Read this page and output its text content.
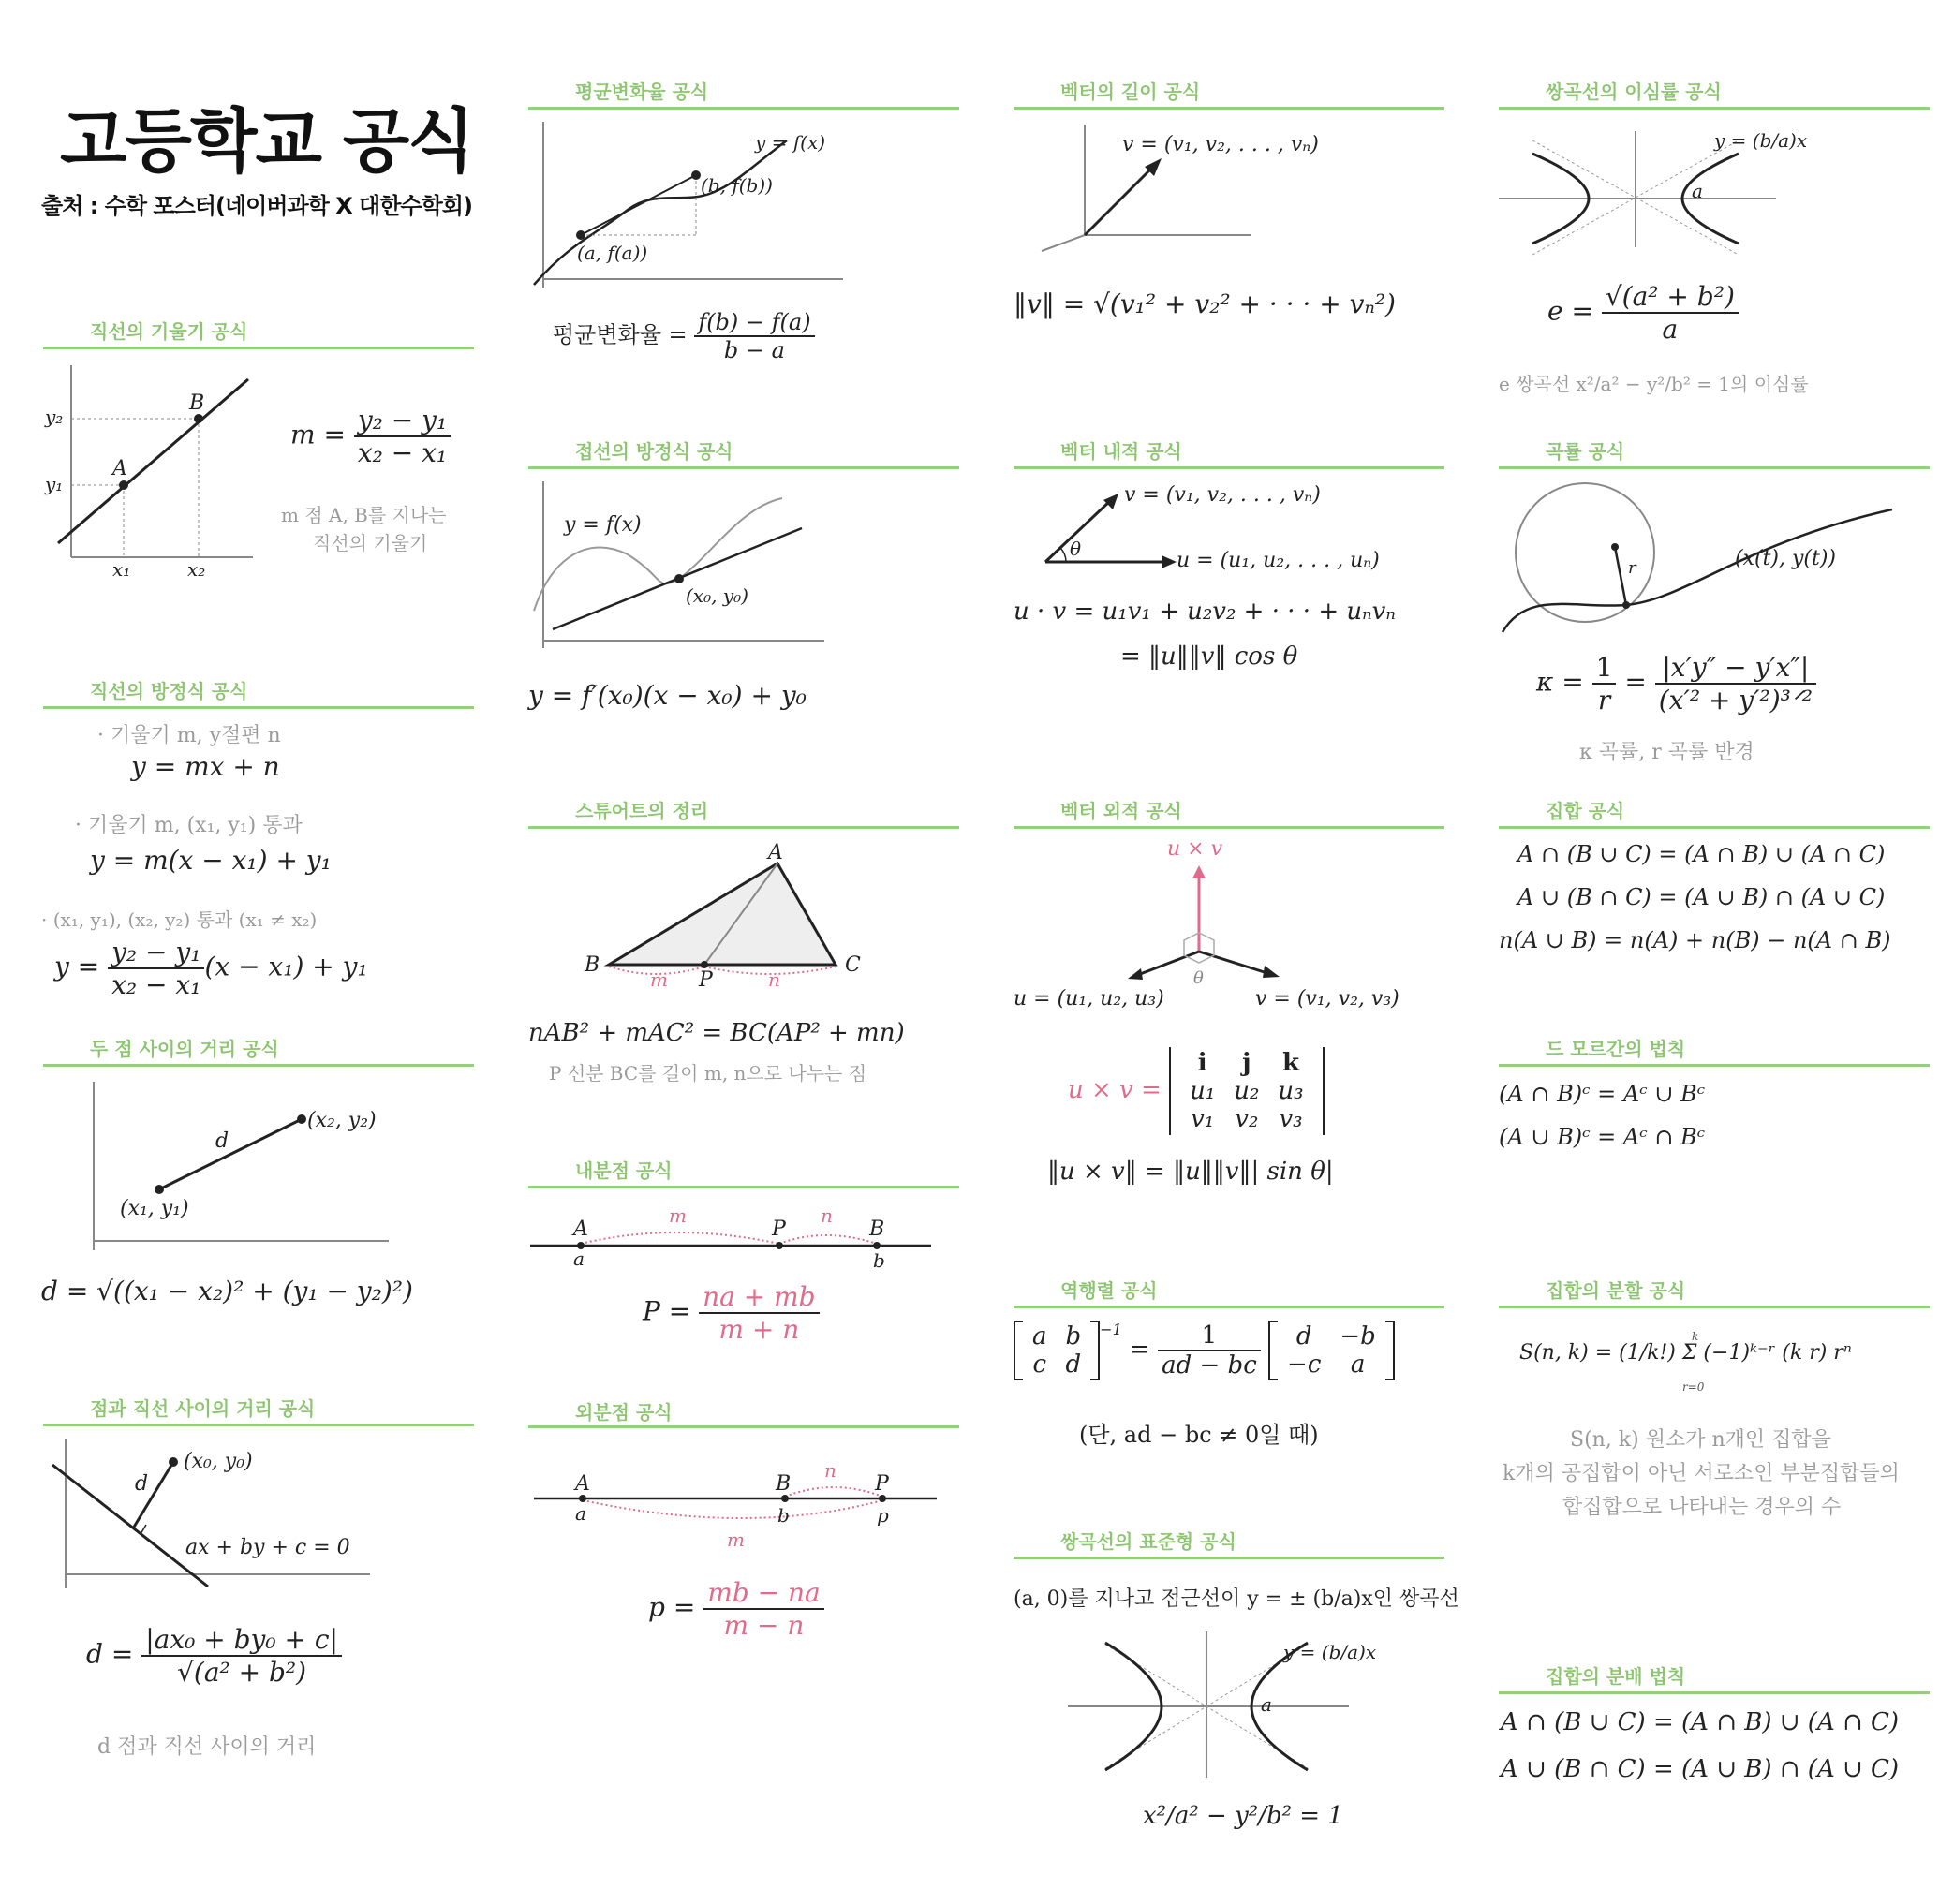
고등학교 공식
출처 : 수학 포스터(네이버과학 X 대한수학회)
직선의 기울기 공식
y₂
y₁
A
B
x₁	x₂
$m = \frac{\text{y₂ − y₁}}{\text{x₂ − x₁}}$
m 점 A, B를 지나는
직선의 기울기
직선의 방정식 공식
· 기울기 m, y절편 n
y = mx + n
· 기울기 m, (x₁, y₁) 통과
y = m(x − x₁) + y₁
· (x₁, y₁), (x₂, y₂) 통과 (x₁ ≠ x₂)
$y = \frac{\text{y₂ − y₁}}{\text{x₂ − x₁}} (x - x_1) + y_1$
두 점 사이의 거리 공식
d
(x₁, y₁)
(x₂, y₂)
d = √((x₁ − x₂)² + (y₁ − y₂)²)
점과 직선 사이의 거리 공식
(x₀, y₀)
d
ax + by + c = 0
$d = \frac{\text{|ax₀ + by₀ + c|}}{\text{√(a² + b²)}}$
d 점과 직선 사이의 거리
평균변화율 공식
y = f(x)
(a, f(a))
(b, f(b))
평균변화율 = $\frac{f(b) - f(a)}{b - a}$
접선의 방정식 공식
y = f(x)
(x₀, y₀)
y = f′(x₀)(x − x₀) + y₀
스튜어트의 정리
A
B	C
P
m	n
nAB² + mAC² = BC(AP² + mn)
P 선분 BC를 길이 m, n으로 나누는 점
내분점 공식
A
a
P	B
b
m	n
$P = \frac{na + mb}{m + n}$
외분점 공식
A
a
B
b
P
p
n
m
$p = \frac{mb - na}{m - n}$
벡터의 길이 공식
v = (v₁, v₂, . . . , vₙ)
‖v‖ = √(v₁² + v₂² + · · · + vₙ²)
벡터 내적 공식
θ
v = (v₁, v₂, . . . , vₙ)
u = (u₁, u₂, . . . , uₙ)
u · v = u₁v₁ + u₂v₂ + · · · + uₙvₙ
= ‖u‖‖v‖ cos θ
벡터 외적 공식
u × v
θ
u = (u₁, u₂, u₃)	v = (v₁, v₂, v₃)
u × v =
i	j	k
u₁	u₂	u₃
v₁	v₂	v₃
‖u × v‖ = ‖u‖‖v‖| sin θ|
역행렬 공식
a	b
c	d
$^{-1} = \frac{1}{ad - bc}$
d	−b
−c	a
(단, ad − bc ≠ 0일 때)
쌍곡선의 표준형 공식
(a, 0)를 지나고 점근선이 y = ± (b/a)x인 쌍곡선
y = (b/a)x
a
x²/a² − y²/b² = 1
쌍곡선의 이심률 공식
y = (b/a)x
a
$e = \frac{\text{√(a² + b²)}}{a}$
e 쌍곡선 x²/a² − y²/b² = 1의 이심률
곡률 공식
r	(x(t), y(t))
$\kappa = \frac{1}{r} = \frac{|x'y'' - y'x''|}{\text{(x′² + y′²)³ᐟ²}}$
κ 곡률, r 곡률 반경
집합 공식
A ∩ (B ∪ C) = (A ∩ B) ∪ (A ∩ C)
A ∪ (B ∩ C) = (A ∪ B) ∩ (A ∪ C)
n(A ∪ B) = n(A) + n(B) − n(A ∩ B)
드 모르간의 법칙
(A ∩ B)ᶜ = Aᶜ ∪ Bᶜ
(A ∪ B)ᶜ = Aᶜ ∩ Bᶜ
집합의 분할 공식
k
S(n, k) = (1/k!) Σ (−1)ᵏ⁻ʳ (k r) rⁿ
r=0
S(n, k) 원소가 n개인 집합을
k개의 공집합이 아닌 서로소인 부분집합들의
합집합으로 나타내는 경우의 수
집합의 분배 법칙
A ∩ (B ∪ C) = (A ∩ B) ∪ (A ∩ C)
A ∪ (B ∩ C) = (A ∪ B) ∩ (A ∪ C)
